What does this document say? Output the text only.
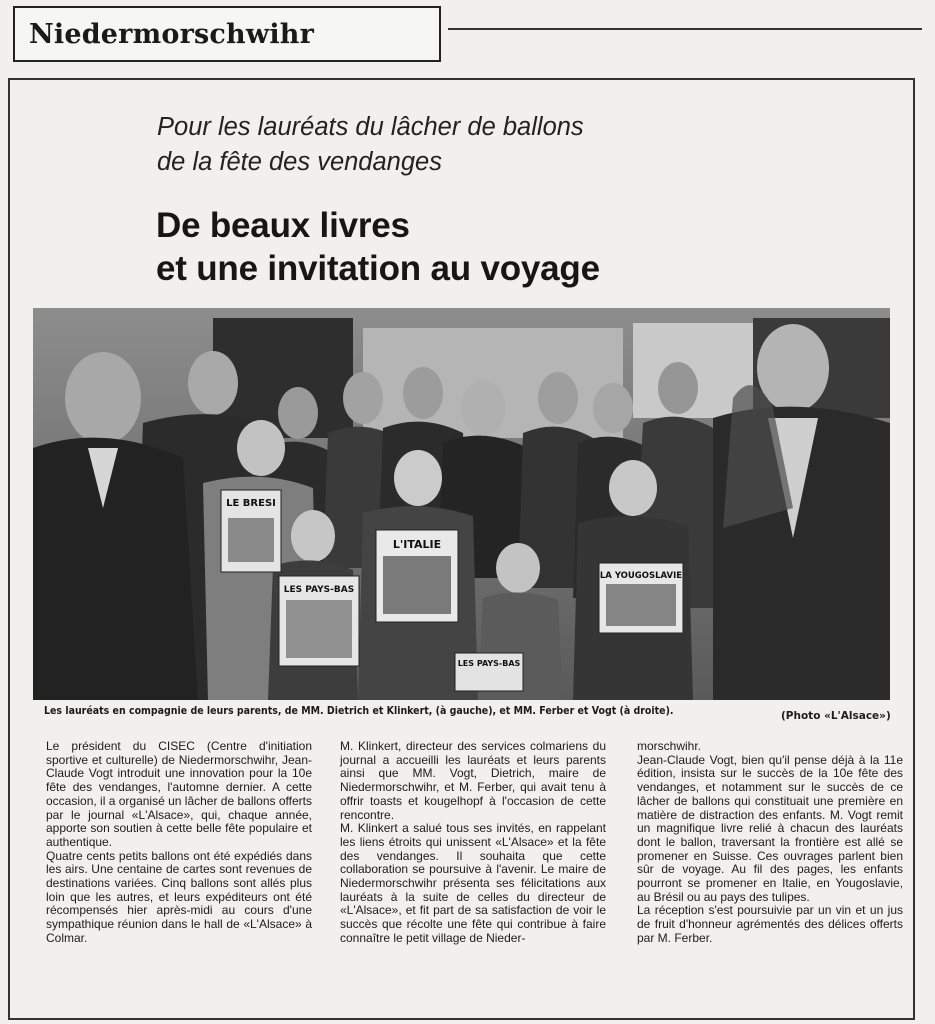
Niedermorschwihr
Pour les lauréats du lâcher de ballons
de la fête des vendanges
De beaux livres
et une invitation au voyage
LE BRESI
L'ITALIE
LES PAYS-BAS
LA YOUGOSLAVIE
LES PAYS-BAS
Les lauréats en compagnie de leurs parents, de MM. Dietrich et Klinkert, (à gauche), et MM. Ferber et Vogt (à droite).	(Photo «L'Alsace»)
Le président du CISEC (Centre d'initiation sportive et culturelle) de Niedermorschwihr, Jean-Claude Vogt introduit une innovation pour la 10e fête des vendanges, l'automne dernier. A cette occasion, il a organisé un lâcher de ballons offerts par le journal «L'Alsace», qui, chaque année, apporte son soutien à cette belle fête populaire et authentique.
Quatre cents petits ballons ont été expédiés dans les airs. Une centaine de cartes sont revenues de destinations variées. Cinq ballons sont allés plus loin que les autres, et leurs expéditeurs ont été récompensés hier après-midi au cours d'une sympathique réunion dans le hall de «L'Alsace» à Colmar.
M. Klinkert, directeur des services colmariens du journal a accueilli les lauréats et leurs parents ainsi que MM. Vogt, Dietrich, maire de Niedermorschwihr, et M. Ferber, qui avait tenu à offrir toasts et kougelhopf à l'occasion de cette rencontre.
M. Klinkert a salué tous ses invités, en rappelant les liens étroits qui unissent «L'Alsace» et la fête des vendanges. Il souhaita que cette collaboration se poursuive à l'avenir. Le maire de Niedermorschwihr présenta ses félicitations aux lauréats à la suite de celles du directeur de «L'Alsace», et fit part de sa satisfaction de voir le succès que récolte une fête qui contribue à faire connaître le petit village de Nieder-
morschwihr.
Jean-Claude Vogt, bien qu'il pense déjà à la 11e édition, insista sur le succès de la 10e fête des vendanges, et notamment sur le succès de ce lâcher de ballons qui constituait une première en matière de distraction des enfants. M. Vogt remit un magnifique livre relié à chacun des lauréats dont le ballon, traversant la frontière est allé se promener en Suisse. Ces ouvrages parlent bien sûr de voyage. Au fil des pages, les enfants pourront se promener en Italie, en Yougoslavie, au Brésil ou au pays des tulipes.
La réception s'est poursuivie par un vin et un jus de fruit d'honneur agrémentés des délices offerts par M. Ferber.
